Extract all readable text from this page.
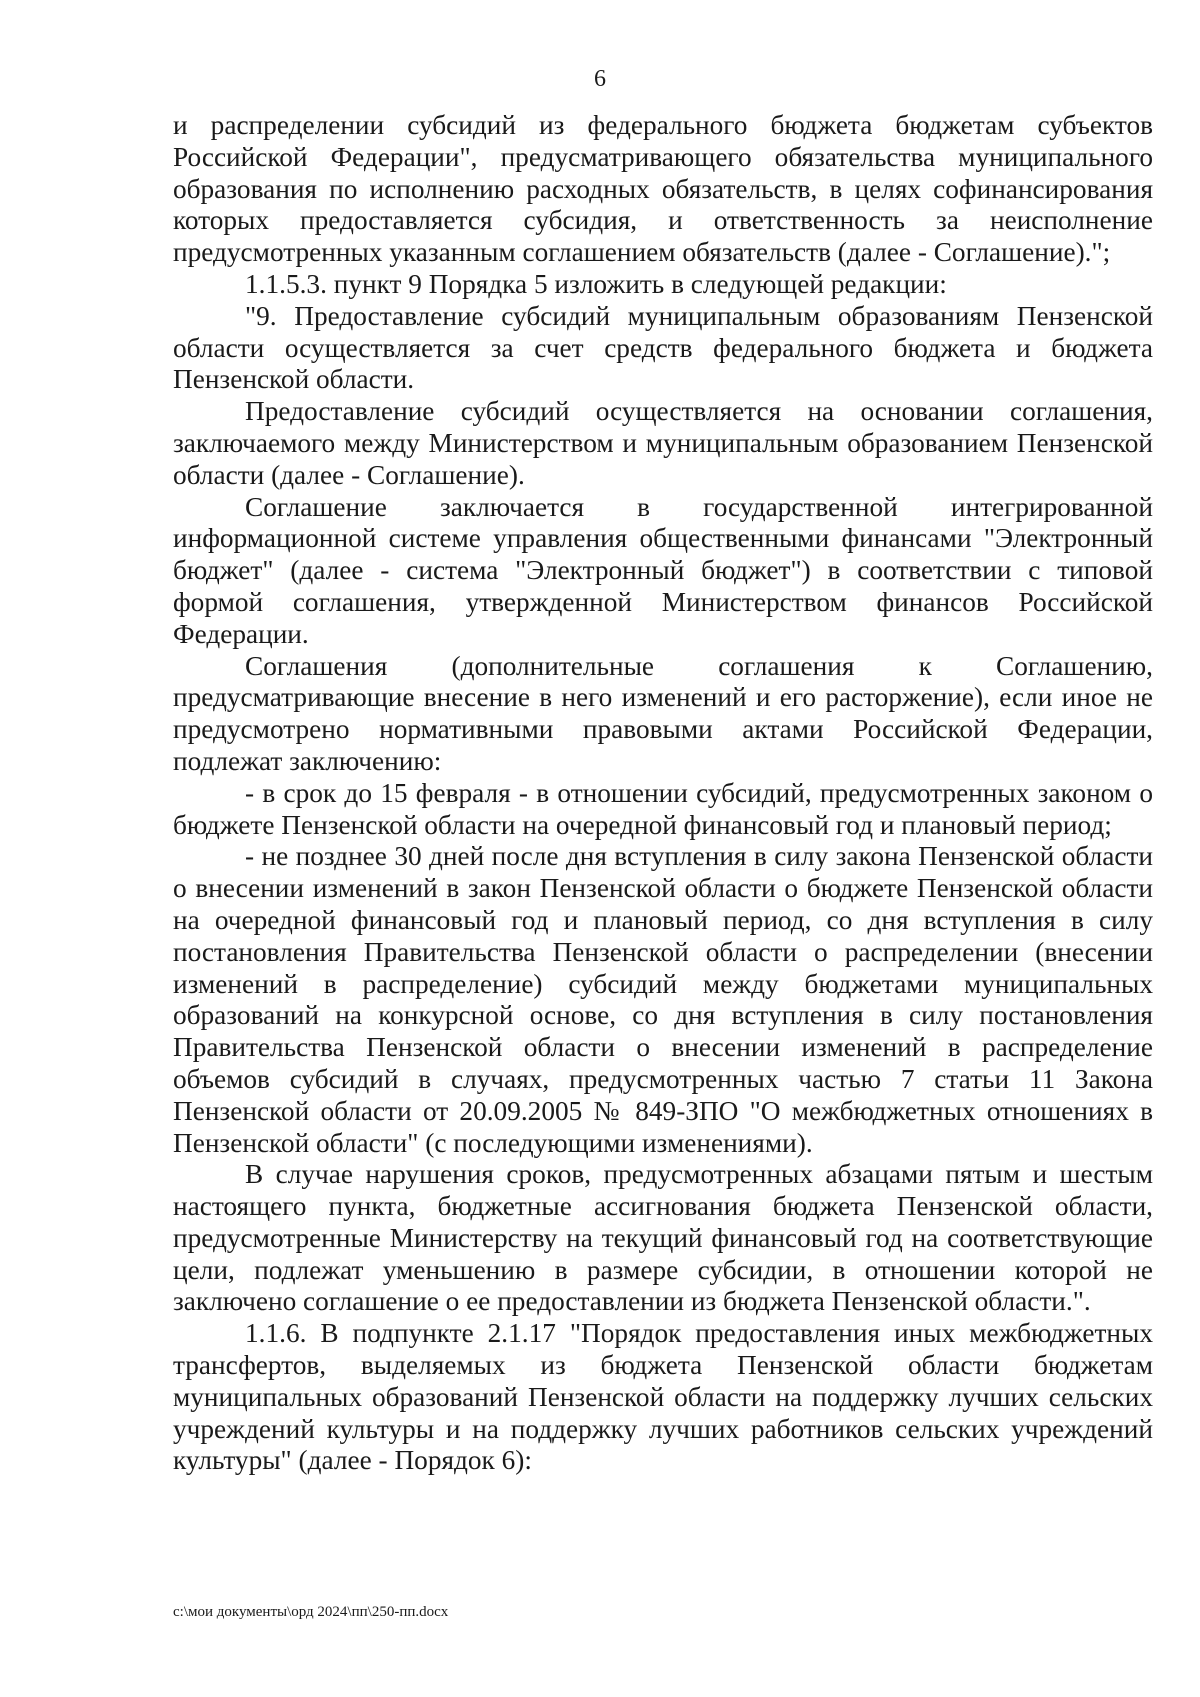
6

и распределении субсидий из федерального бюджета бюджетам субъектов Российской Федерации", предусматривающего обязательства муниципального образования по исполнению расходных обязательств, в целях софинансирования которых предоставляется субсидия, и ответственность за неисполнение предусмотренных указанным соглашением обязательств (далее - Соглашение).";

1.1.5.3. пункт 9 Порядка 5 изложить в следующей редакции:

"9. Предоставление субсидий муниципальным образованиям Пензенской области осуществляется за счет средств федерального бюджета и бюджета Пензенской области.

Предоставление субсидий осуществляется на основании соглашения, заключаемого между Министерством и муниципальным образованием Пензенской области (далее - Соглашение).

Соглашение заключается в государственной интегрированной информационной системе управления общественными финансами "Электронный бюджет" (далее - система "Электронный бюджет") в соответствии с типовой формой соглашения, утвержденной Министерством финансов Российской Федерации.

Соглашения (дополнительные соглашения к Соглашению, предусматривающие внесение в него изменений и его расторжение), если иное не предусмотрено нормативными правовыми актами Российской Федерации, подлежат заключению:

- в срок до 15 февраля - в отношении субсидий, предусмотренных законом о бюджете Пензенской области на очередной финансовый год и плановый период;

- не позднее 30 дней после дня вступления в силу закона Пензенской области о внесении изменений в закон Пензенской области о бюджете Пензенской области на очередной финансовый год и плановый период, со дня вступления в силу постановления Правительства Пензенской области о распределении (внесении изменений в распределение) субсидий между бюджетами муниципальных образований на конкурсной основе, со дня вступления в силу постановления Правительства Пензенской области о внесении изменений в распределение объемов субсидий в случаях, предусмотренных частью 7 статьи 11 Закона Пензенской области от 20.09.2005 № 849-ЗПО "О межбюджетных отношениях в Пензенской области" (с последующими изменениями).

В случае нарушения сроков, предусмотренных абзацами пятым и шестым настоящего пункта, бюджетные ассигнования бюджета Пензенской области, предусмотренные Министерству на текущий финансовый год на соответствующие цели, подлежат уменьшению в размере субсидии, в отношении которой не заключено соглашение о ее предоставлении из бюджета Пензенской области.".

1.1.6. В подпункте 2.1.17 "Порядок предоставления иных межбюджетных трансфертов, выделяемых из бюджета Пензенской области бюджетам муниципальных образований Пензенской области на поддержку лучших сельских учреждений культуры и на поддержку лучших работников сельских учреждений культуры" (далее - Порядок 6):

c:\мои документы\орд 2024\пп\250-пп.docx
